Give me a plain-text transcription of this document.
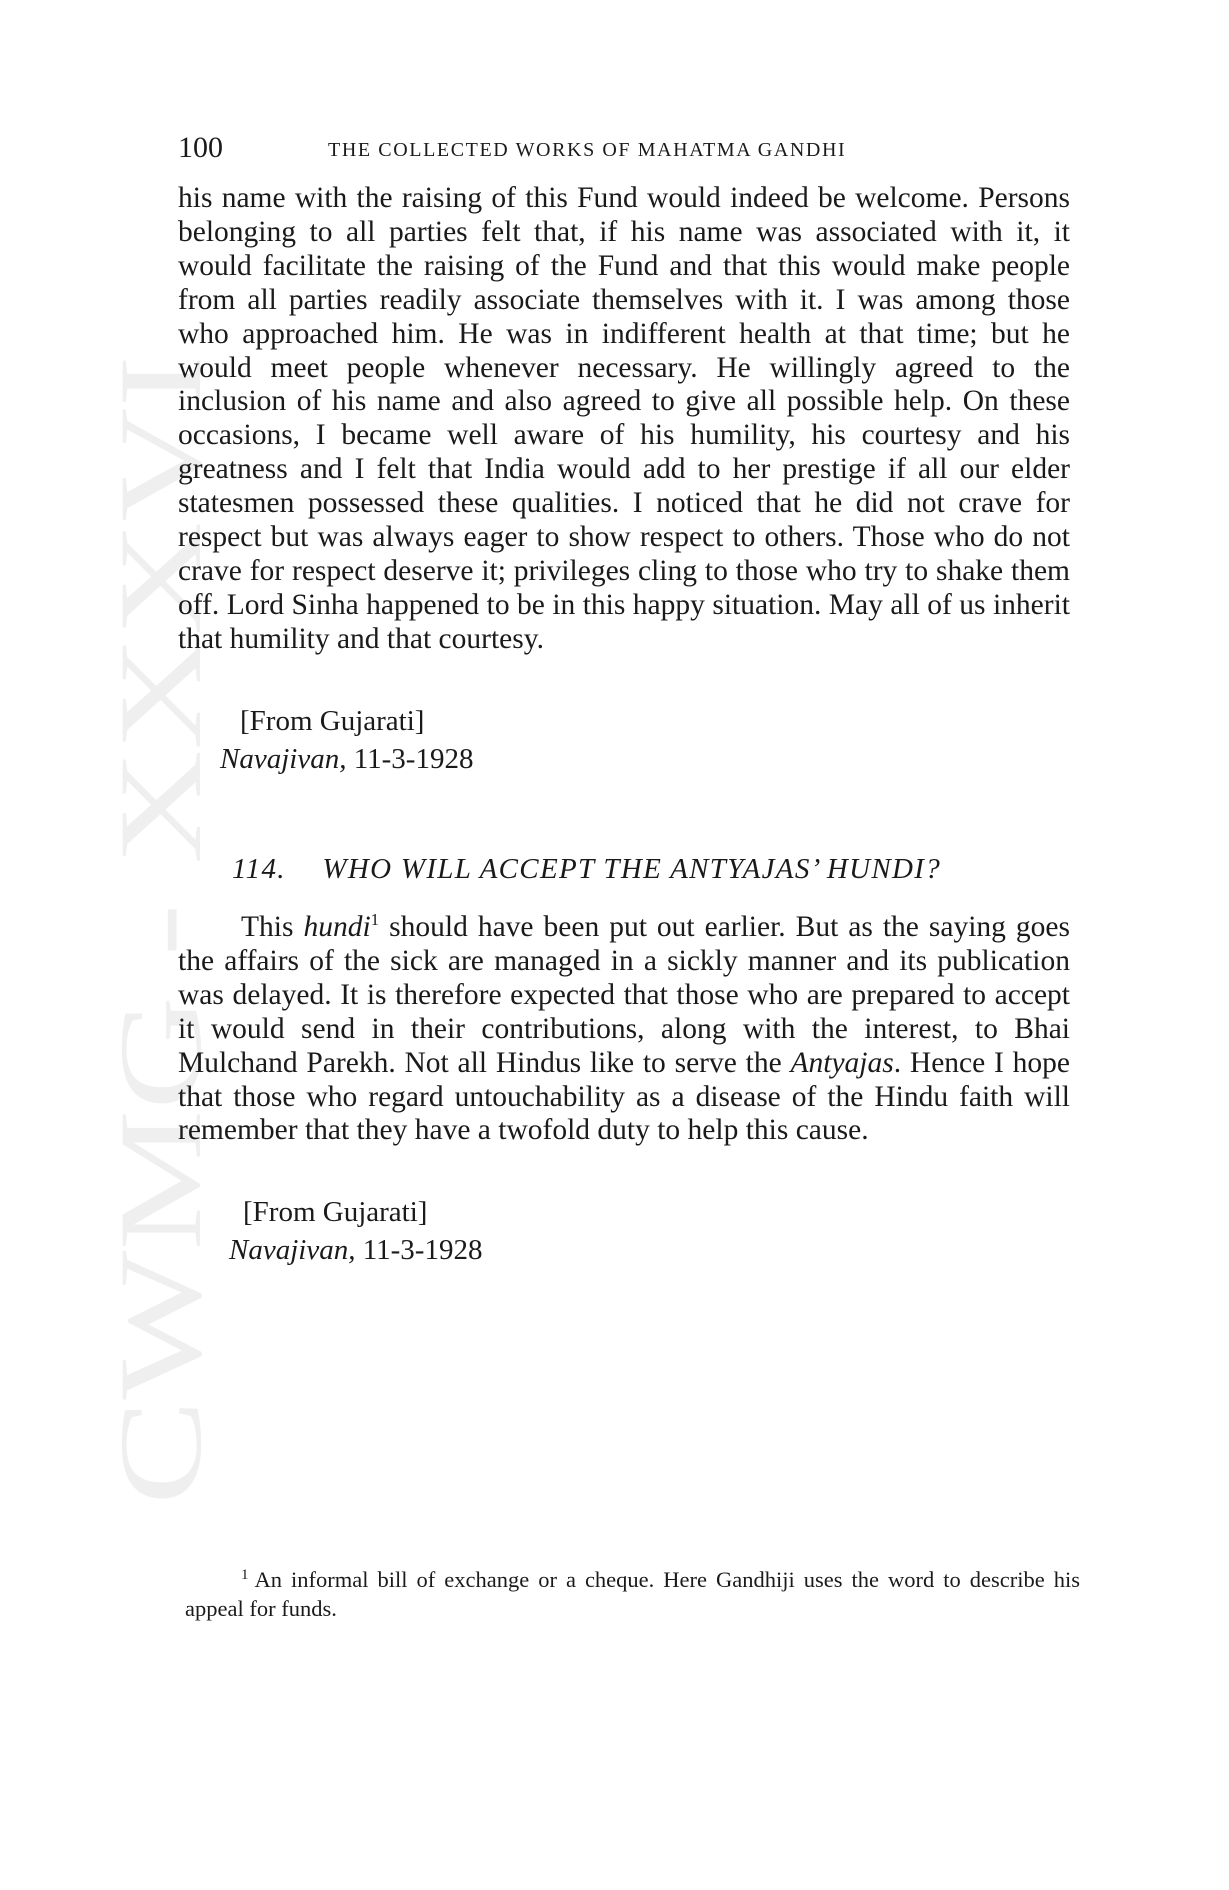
CWMG - XXXVI
100	THE COLLECTED WORKS OF MAHATMA GANDHI

his name with the raising of this Fund would indeed be welcome. Persons belonging to all parties felt that, if his name was associated with it, it would facilitate the raising of the Fund and that this would make people from all parties readily associate themselves with it. I was among those who approached him. He was in indifferent health at that time; but he would meet people whenever necessary. He willingly agreed to the inclusion of his name and also agreed to give all possible help. On these occasions, I became well aware of his humility, his courtesy and his greatness and I felt that India would add to her prestige if all our elder statesmen possessed these qualities. I noticed that he did not crave for respect but was always eager to show respect to others. Those who do not crave for respect deserve it; privileges cling to those who try to shake them off. Lord Sinha happened to be in this happy situation. May all of us inherit that humility and that courtesy.

[From Gujarati]
Navajivan, 11-3-1928
114. WHO WILL ACCEPT THE ANTYAJAS’ HUNDI?

This hundi$^1$ should have been put out earlier. But as the saying goes the affairs of the sick are managed in a sickly manner and its publication was delayed. It is therefore expected that those who are prepared to accept it would send in their contributions, along with the interest, to Bhai Mulchand Parekh. Not all Hindus like to serve the Antyajas. Hence I hope that those who regard untouchability as a disease of the Hindu faith will remember that they have a twofold duty to help this cause.

[From Gujarati]
Navajivan, 11-3-1928
$^1$ An informal bill of exchange or a cheque. Here Gandhiji uses the word to describe his appeal for funds.
